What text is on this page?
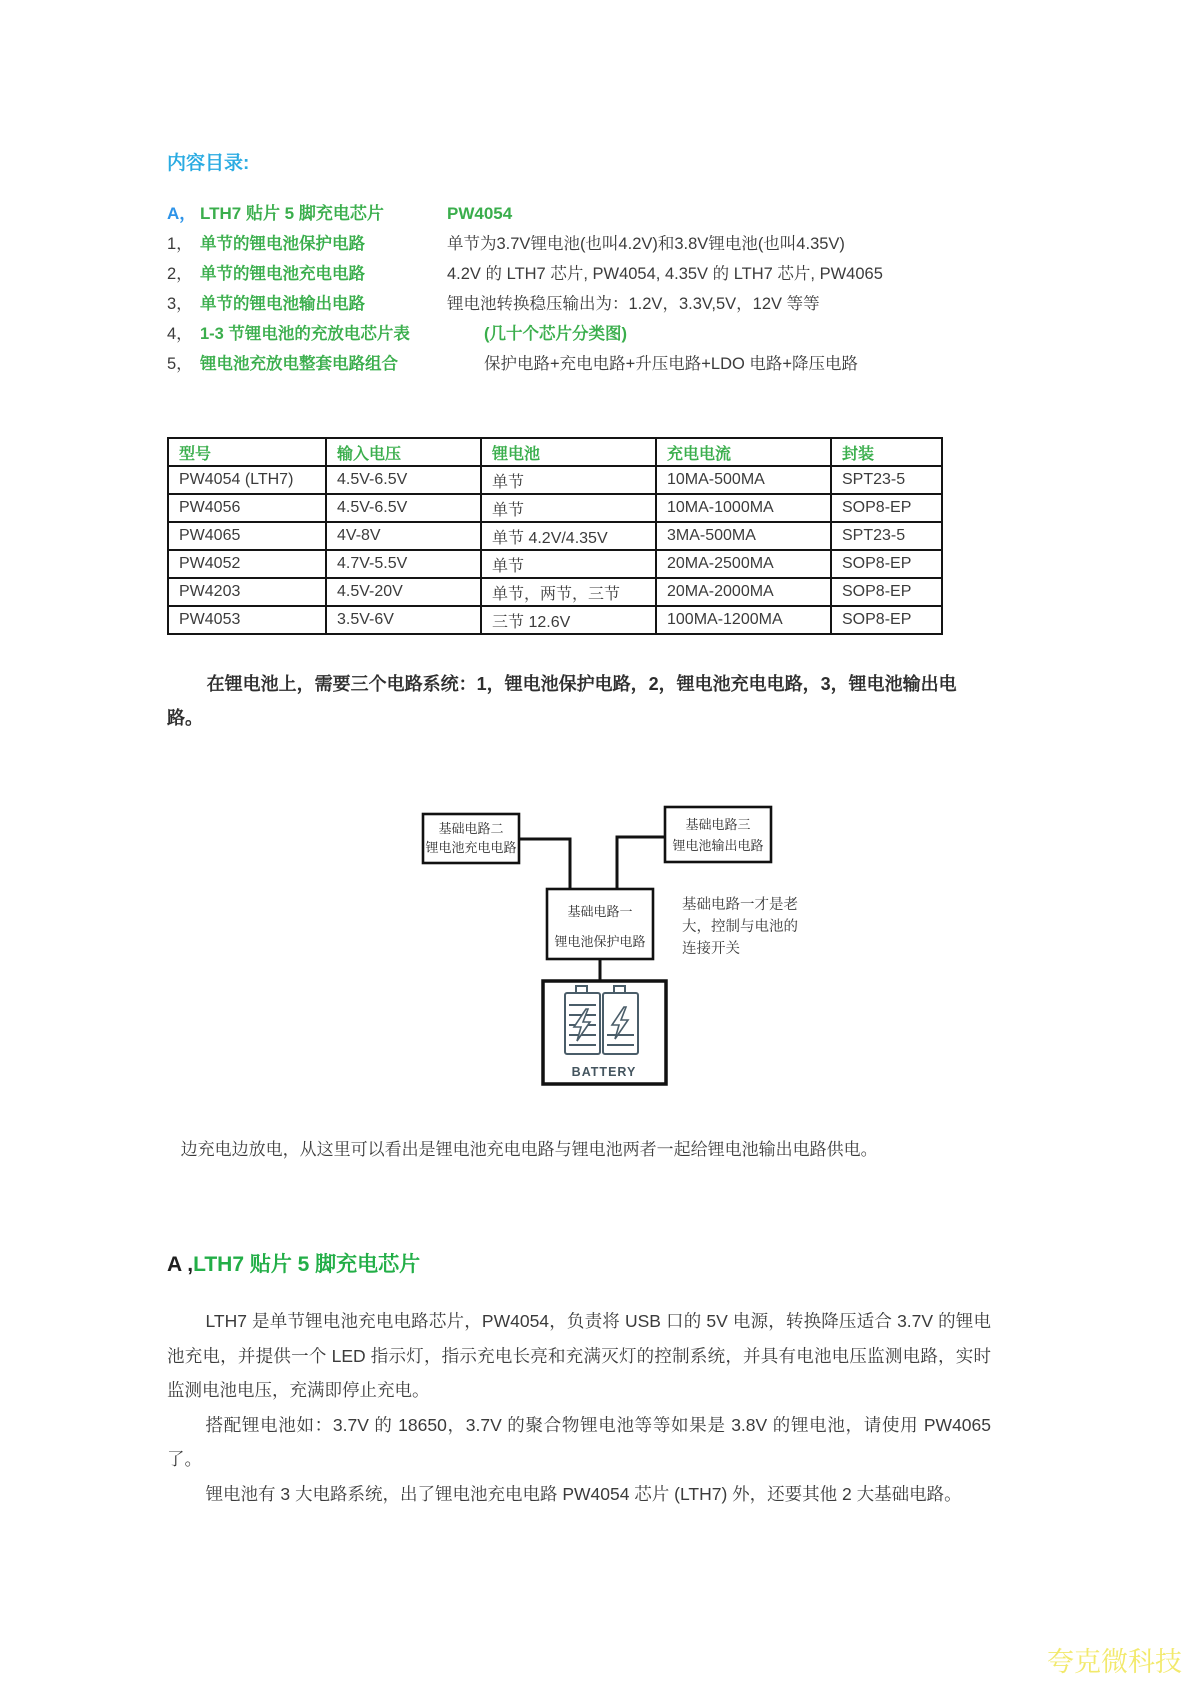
内容目录:
A， LTH7 贴片 5 脚充电芯片	PW4054
1， 单节的锂电池保护电路	单节为3.7V锂电池(也叫4.2V)和3.8V锂电池(也叫4.35V)
2， 单节的锂电池充电电路	4.2V 的 LTH7 芯片, PW4054, 4.35V 的 LTH7 芯片, PW4065
3， 单节的锂电池输出电路	锂电池转换稳压输出为：1.2V，3.3V,5V，12V 等等
4， 1-3 节锂电池的充放电芯片表	(几十个芯片分类图)
5， 锂电池充放电整套电路组合	保护电路+充电电路+升压电路+LDO 电路+降压电路
型号	输入电压	锂电池	充电电流	封装
PW4054 (LTH7)	4.5V-6.5V	单节	10MA-500MA	SPT23-5
PW4056	4.5V-6.5V	单节	10MA-1000MA	SOP8-EP
PW4065	4V-8V	单节 4.2V/4.35V	3MA-500MA	SPT23-5
PW4052	4.7V-5.5V	单节	20MA-2500MA	SOP8-EP
PW4203	4.5V-20V	单节，两节，三节	20MA-2000MA	SOP8-EP
PW4053	3.5V-6V	三节 12.6V	100MA-1200MA	SOP8-EP

在锂电池上，需要三个电路系统：1，锂电池保护电路，2，锂电池充电电路，3，锂电池输出电路。

基础电路二
锂电池充电电路
基础电路三
锂电池输出电路
基础电路一
锂电池保护电路
基础电路一才是老
大，控制与电池的
连接开关
BATTERY

边充电边放电，从这里可以看出是锂电池充电电路与锂电池两者一起给锂电池输出电路供电。

A ,LTH7 贴片 5 脚充电芯片

LTH7 是单节锂电池充电电路芯片，PW4054，负责将 USB 口的 5V 电源，转换降压适合 3.7V 的锂电池充电，并提供一个 LED 指示灯，指示充电长亮和充满灭灯的控制系统，并具有电池电压监测电路，实时监测电池电压，充满即停止充电。

搭配锂电池如：3.7V 的 18650，3.7V 的聚合物锂电池等等如果是 3.8V 的锂电池，请使用 PW4065 了。

锂电池有 3 大电路系统，出了锂电池充电电路 PW4054 芯片 (LTH7) 外，还要其他 2 大基础电路。

夸克微科技
